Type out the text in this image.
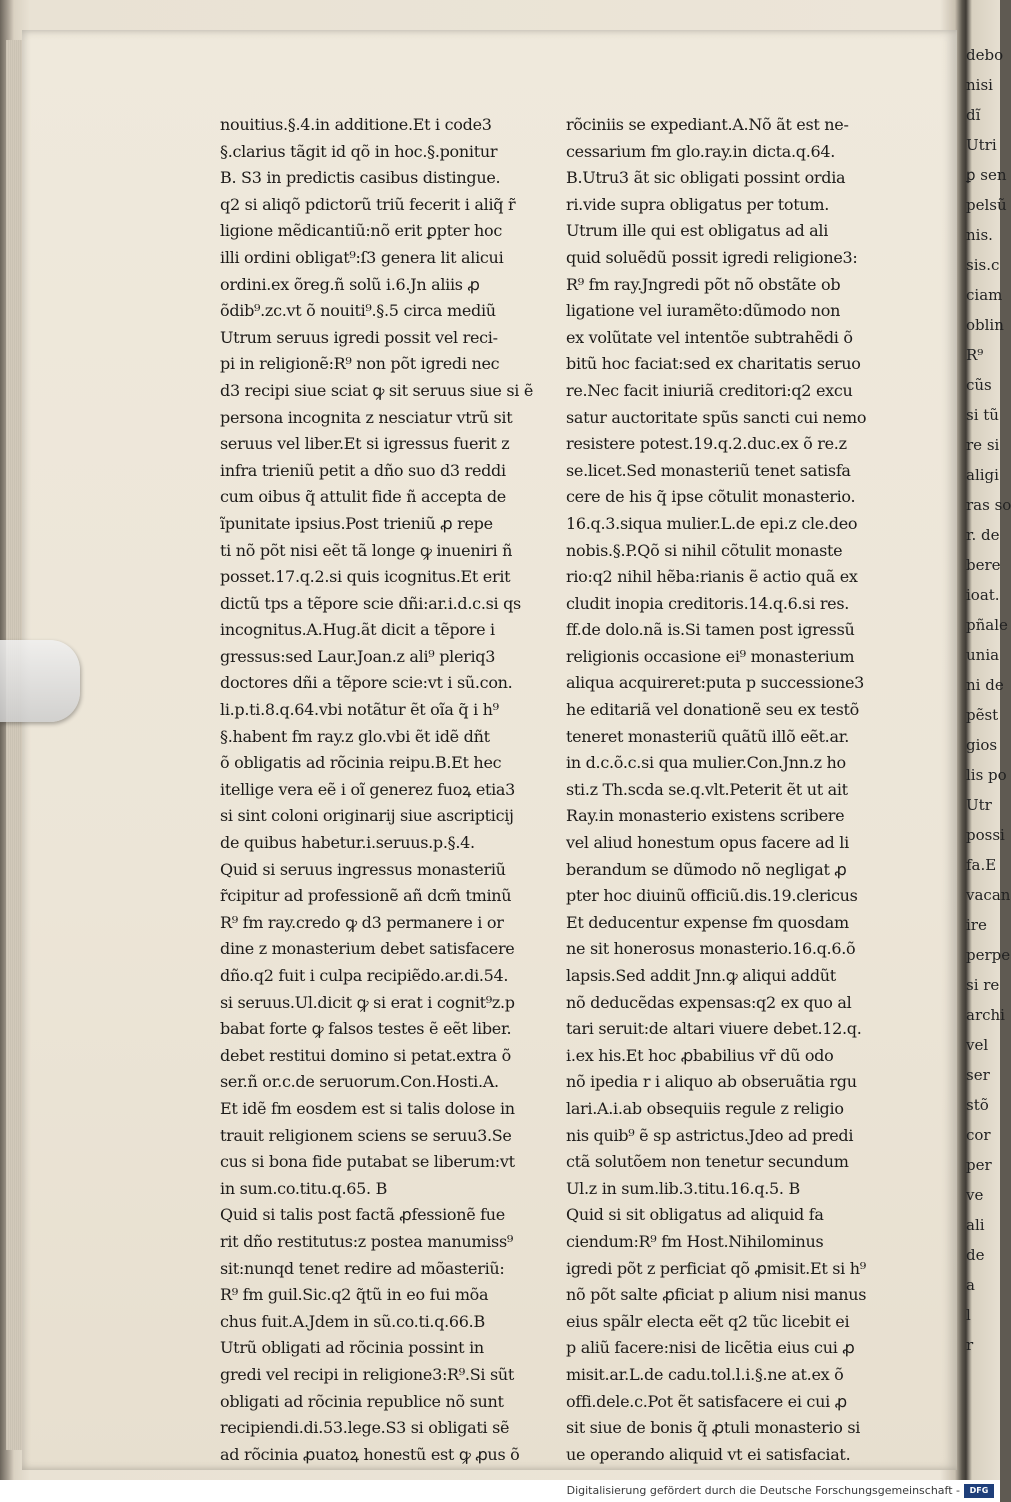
nouitius.§.4.in additione.Et i code3
§.clarius tãgit id qõ in hoc.§.ponitur
B. S3 in predictis casibus distingue.
q2 si aliqõ pdictorũ triũ fecerit i aliq̃ r̃
ligione mẽdicantiũ:nõ erit ꝑpter hoc
illi ordini obligat⁹:ſ3 genera lit alicui
ordini.ex õreg.ñ solũ i.6.Jn aliis ꝓ
õdib⁹.zc.vt õ nouiti⁹.§.5 circa mediũ
Utrum seruus igredi possit vel reci-
pi in religionẽ:R⁹ non põt igredi nec
d3 recipi siue sciat ꝙ sit seruus siue si ẽ
persona incognita z nesciatur vtrũ sit
seruus vel liber.Et si igressus fuerit z
infra trieniũ petit a dño suo d3 reddi
cum oibus q̃ attulit fide ñ accepta de
ĩpunitate ipsius.Post trieniũ ꝓ repe
ti nõ põt nisi eẽt tã longe ꝙ inueniri ñ
posset.17.q.2.si quis icognitus.Et erit
dictũ tps a tẽpore scie dñi:ar.i.d.c.si qs
incognitus.A.Hug.ãt dicit a tẽpore i
gressus:sed Laur.Joan.z ali⁹ pleriq3
doctores dñi a tẽpore scie:vt i sũ.con.
li.p.ti.8.q.64.vbi notãtur ẽt oĩa q̃ i h⁹
§.habent fm ray.z glo.vbi ẽt idẽ dñt
õ obligatis ad rõcinia reipu.B.Et hec
itellige vera eẽ i oĩ generez fuoꝝ etia3
si sint coloni originarij siue ascripticij
de quibus habetur.i.seruus.p.§.4.
Quid si seruus ingressus monasteriũ
r̃cipitur ad professionẽ añ dcm̃ tminũ
R⁹ fm ray.credo ꝙ d3 permanere i or
dine z monasterium debet satisfacere
dño.q2 fuit i culpa recipiẽdo.ar.di.54.
si seruus.Ul.dicit ꝙ si erat i cognit⁹z.p
babat forte ꝙ falsos testes ẽ eẽt liber.
debet restitui domino si petat.extra õ
ser.ñ or.c.de seruorum.Con.Hosti.A.
Et idẽ fm eosdem est si talis dolose in
trauit religionem sciens se seruu3.Se
cus si bona fide putabat se liberum:vt
in sum.co.titu.q.65. B
Quid si talis post factã ꝓfessionẽ fue
rit dño restitutus:z postea manumiss⁹
sit:nunqd tenet redire ad mõasteriũ:
R⁹ fm guil.Sic.q2 q̃tũ in eo fui mõa
chus fuit.A.Jdem in sũ.co.ti.q.66.B
Utrũ obligati ad rõcinia possint in
gredi vel recipi in religione3:R⁹.Si sũt
obligati ad rõcinia republice nõ sunt
recipiendi.di.53.lege.S3 si obligati sẽ
ad rõcinia ꝓuatoꝝ honestũ est ꝙ ꝓus õ
rõciniis se expediant.A.Nõ ãt est ne-
cessarium fm glo.ray.in dicta.q.64.
B.Utru3 ãt sic obligati possint ordia
ri.vide supra obligatus per totum.
Utrum ille qui est obligatus ad ali
quid soluẽdũ possit igredi religione3:
R⁹ fm ray.Jngredi põt nõ obstãte ob
ligatione vel iuramẽto:dũmodo non
ex volũtate vel intentõe subtrahẽdi õ
bitũ hoc faciat:sed ex charitatis seruo
re.Nec facit iniuriã creditori:q2 excu
satur auctoritate spũs sancti cui nemo
resistere potest.19.q.2.duc.ex õ re.z
se.licet.Sed monasteriũ tenet satisfa
cere de his q̃ ipse cõtulit monasterio.
16.q.3.siqua mulier.L.de epi.z cle.deo
nobis.§.P.Qõ si nihil cõtulit monaste
rio:q2 nihil hẽba:rianis ẽ actio quã ex
cludit inopia creditoris.14.q.6.si res.
ff.de dolo.nã is.Si tamen post igressũ
religionis occasione ei⁹ monasterium
aliqua acquireret:puta p successione3
he editariã vel donationẽ seu ex testõ
teneret monasteriũ quãtũ illõ eẽt.ar.
in d.c.õ.c.si qua mulier.Con.Jnn.z ho
sti.z Th.scda se.q.vlt.Peterit ẽt ut ait
Ray.in monasterio existens scribere
vel aliud honestum opus facere ad li
berandum se dũmodo nõ negligat ꝓ
pter hoc diuinũ officiũ.dis.19.clericus
Et deducentur expense fm quosdam
ne sit honerosus monasterio.16.q.6.õ
lapsis.Sed addit Jnn.ꝙ aliqui addũt
nõ deducẽdas expensas:q2 ex quo al
tari seruit:de altari viuere debet.12.q.
i.ex his.Et hoc ꝓbabilius vr̃ dũ odo
nõ ipedia r i aliquo ab obseruãtia rgu
lari.A.i.ab obsequiis regule z religio
nis quib⁹ ẽ sp astrictus.Jdeo ad predi
ctã solutõem non tenetur secundum
Ul.z in sum.lib.3.titu.16.q.5. B
Quid si sit obligatus ad aliquid fa
ciendum:R⁹ fm Host.Nihilominus
igredi põt z perficiat qõ ꝓmisit.Et si h⁹
nõ põt salte ꝓficiat p alium nisi manus
eius spãlr electa eẽt q2 tũc licebit ei
p aliũ facere:nisi de licẽtia eius cui ꝓ
misit.ar.L.de cadu.tol.l.i.§.ne at.ex õ
offi.dele.c.Pot ẽt satisfacere ei cui ꝓ
sit siue de bonis q̃ ꝓtuli monasterio si
ue operando aliquid vt ei satisfaciat.
debo
nisi
dĩ
Utri
ꝑ sen
pelsũ
nis.
sis.c
ciam
oblin
R⁹
cũs
si tũ
re si
aligi
ras so
r. de
bere
ioat.
pñale
unia
ni de
pẽst
gios
lis po
Utr
possi
fa.E
vacan
ire
perpe
si re
archi
vel
ser
stõ
cor
per
ve
ali
de
a
l
r
Digitalisierung gefördert durch die Deutsche Forschungsgemeinschaft -	DFG
